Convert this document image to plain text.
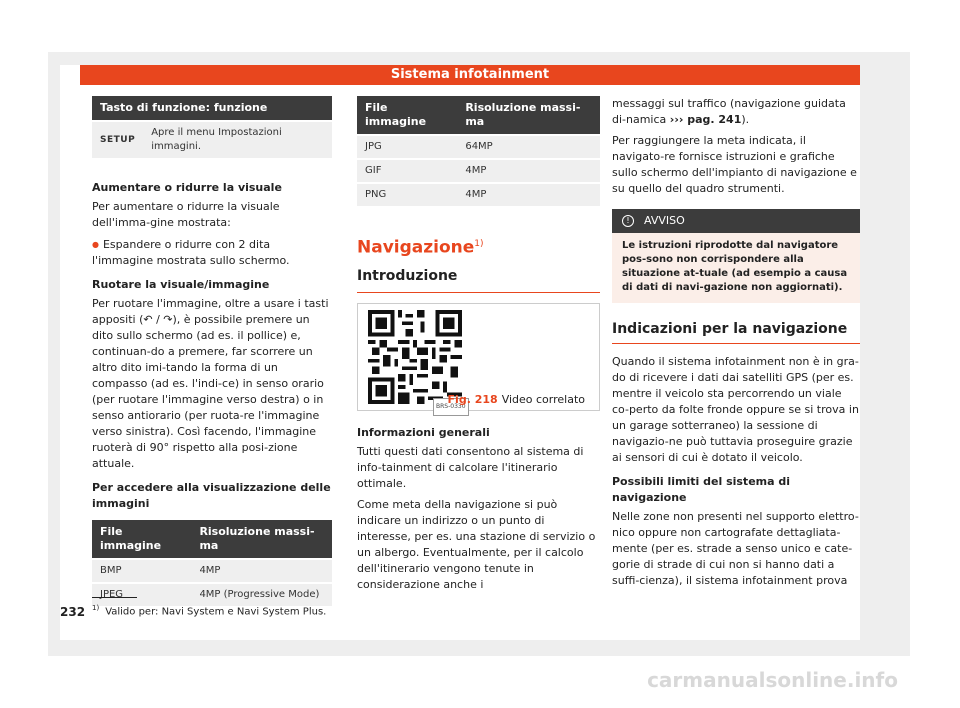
Sistema infotainment
Tasto di funzione: funzione
SETUP	Apre il menu Impostazioni immagini.
Aumentare o ridurre la visuale

Per aumentare o ridurre la visuale dell'imma-gine mostrata:

● Espandere o ridurre con 2 dita l'immagine mostrata sullo schermo.

Ruotare la visuale/immagine

Per ruotare l'immagine, oltre a usare i tasti appositi (↶ / ↷), è possibile premere un dito sullo schermo (ad es. il pollice) e, continuan-do a premere, far scorrere un altro dito imi-tando la forma di un compasso (ad es. l'indi-ce) in senso orario (per ruotare l'immagine verso destra) o in senso antiorario (per ruota-re l'immagine verso sinistra). Così facendo, l'immagine ruoterà di 90° rispetto alla posi-zione attuale.

Per accedere alla visualizzazione delle immagini
File immagine	Risoluzione massi-ma
BMP	4MP
JPEG	4MP (Progressive Mode)
File immagine	Risoluzione massi-ma
JPG	64MP
GIF	4MP
PNG	4MP
Navigazione$^{1)}$
Introduzione
BRS-0330
Fig. 218 Video correlato
Informazioni generali

Tutti questi dati consentono al sistema di info-tainment di calcolare l'itinerario ottimale.

Come meta della navigazione si può indicare un indirizzo o un punto di interesse, per es. una stazione di servizio o un albergo. Eventualmente, per il calcolo dell'itinerario vengono tenute in considerazione anche i

messaggi sul traffico (navigazione guidata di-namica ››› pag. 241).

Per raggiungere la meta indicata, il navigato-re fornisce istruzioni e grafiche sullo schermo dell'impianto di navigazione e su quello del quadro strumenti.

!	AVVISO
Le istruzioni riprodotte dal navigatore pos-sono non corrispondere alla situazione at-tuale (ad esempio a causa di dati di navi-gazione non aggiornati).
Indicazioni per la navigazione

Quando il sistema infotainment non è in gra-do di ricevere i dati dai satelliti GPS (per es. mentre il veicolo sta percorrendo un viale co-perto da folte fronde oppure se si trova in un garage sotterraneo) la sessione di navigazio-ne può tuttavia proseguire grazie ai sensori di cui è dotato il veicolo.

Possibili limiti del sistema di navigazione

Nelle zone non presenti nel supporto elettro-nico oppure non cartografate dettagliata-mente (per es. strade a senso unico e cate-gorie di strade di cui non si hanno dati a suffi-cienza), il sistema infotainment prova

$^{1)}$ Valido per: Navi System e Navi System Plus.
232
carmanualsonline.info
